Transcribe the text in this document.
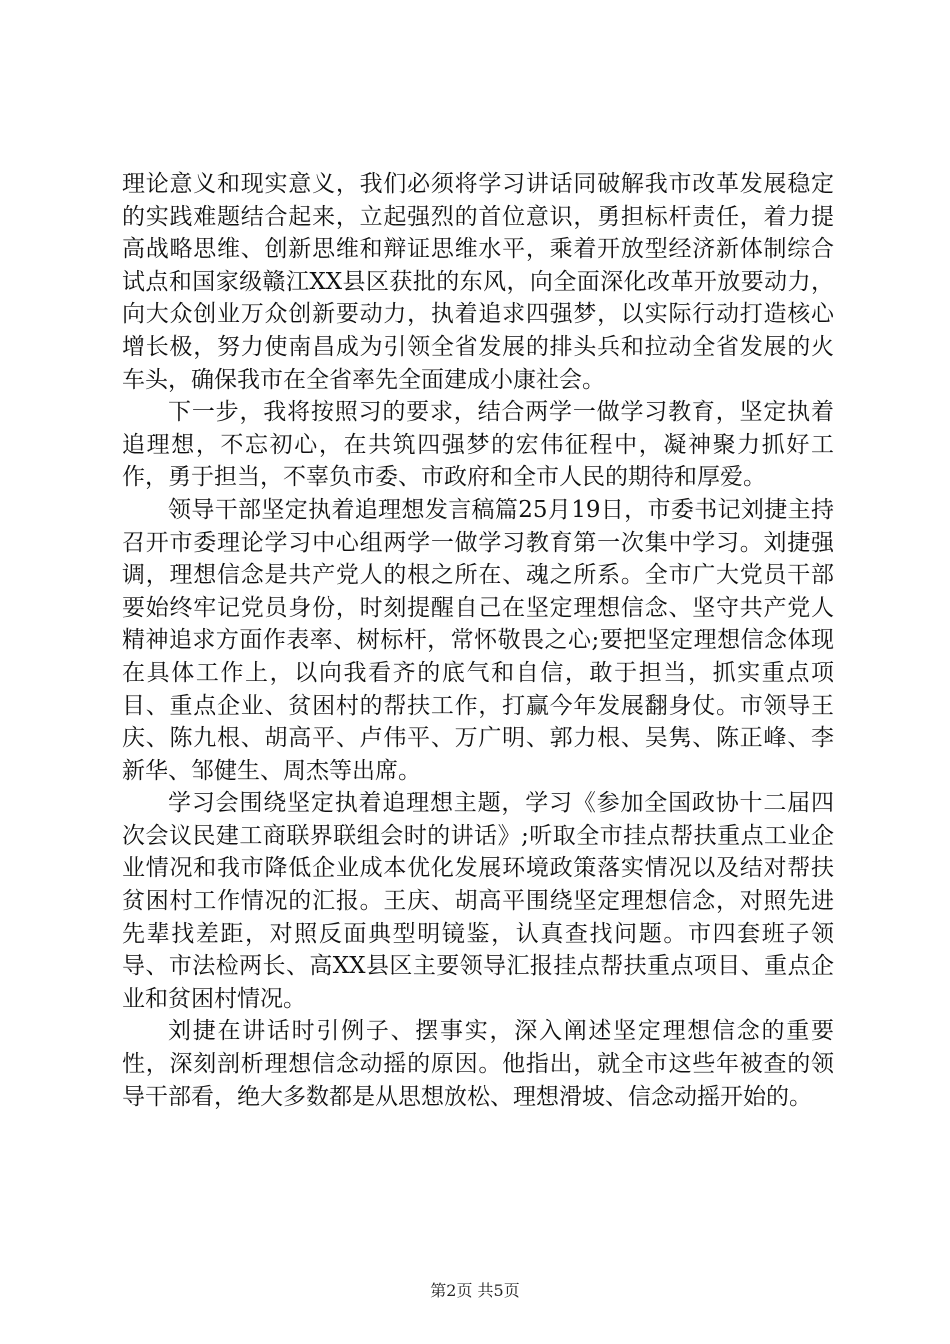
理论意义和现实意义，我们必须将学习讲话同破解我市改革发展稳定的实践难题结合起来，立起强烈的首位意识，勇担标杆责任，着力提高战略思维、创新思维和辩证思维水平，乘着开放型经济新体制综合试点和国家级赣江XX县区获批的东风，向全面深化改革开放要动力，向大众创业万众创新要动力，执着追求四强梦，以实际行动打造核心增长极，努力使南昌成为引领全省发展的排头兵和拉动全省发展的火车头，确保我市在全省率先全面建成小康社会。

下一步，我将按照习的要求，结合两学一做学习教育，坚定执着追理想，不忘初心，在共筑四强梦的宏伟征程中，凝神聚力抓好工作，勇于担当，不辜负市委、市政府和全市人民的期待和厚爱。

领导干部坚定执着追理想发言稿篇25月19日，市委书记刘捷主持召开市委理论学习中心组两学一做学习教育第一次集中学习。刘捷强调，理想信念是共产党人的根之所在、魂之所系。全市广大党员干部要始终牢记党员身份，时刻提醒自己在坚定理想信念、坚守共产党人精神追求方面作表率、树标杆，常怀敬畏之心;要把坚定理想信念体现在具体工作上，以向我看齐的底气和自信，敢于担当，抓实重点项目、重点企业、贫困村的帮扶工作，打赢今年发展翻身仗。市领导王庆、陈九根、胡高平、卢伟平、万广明、郭力根、吴隽、陈正峰、李新华、邹健生、周杰等出席。

学习会围绕坚定执着追理想主题，学习《参加全国政协十二届四次会议民建工商联界联组会时的讲话》;听取全市挂点帮扶重点工业企业情况和我市降低企业成本优化发展环境政策落实情况以及结对帮扶贫困村工作情况的汇报。王庆、胡高平围绕坚定理想信念，对照先进先辈找差距，对照反面典型明镜鉴，认真查找问题。市四套班子领导、市法检两长、高XX县区主要领导汇报挂点帮扶重点项目、重点企业和贫困村情况。

刘捷在讲话时引例子、摆事实，深入阐述坚定理想信念的重要性，深刻剖析理想信念动摇的原因。他指出，就全市这些年被查的领导干部看，绝大多数都是从思想放松、理想滑坡、信念动摇开始的。

第2页 共5页
